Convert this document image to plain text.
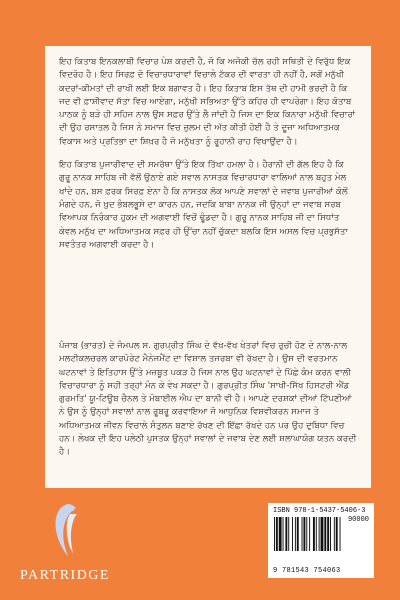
ਇਹ ਕਿਤਾਬ ਇਨਕਲਾਬੀ ਵਿਚਾਰ ਪੇਸ਼ ਕਰਦੀ ਹੈ, ਜੋ ਕਿ ਅਜੋਕੀ ਚੱਲ ਰਹੀ ਸਥਿਤੀ ਦੇ ਵਿਰੁੱਧ ਇਕ ਵਿਦਰੋਹ ਹੈ। ਇਹ ਸਿਰਫ਼ ਦੋ ਵਿਚਾਰਧਾਰਾਵਾਂ ਵਿਚਾਲੇ ਟੱਕਰ ਦੀ ਵਾਰਤਾ ਹੀ ਨਹੀਂ ਹੈ, ਸਗੋਂ ਮਨੁੱਖੀ ਕਦਰਾਂ-ਕੀਮਤਾਂ ਦੀ ਰਾਖੀ ਲਈ ਇਕ ਬਗਾਵਤ ਹੈ। ਇਹ ਕਿਤਾਬ ਇਸ ਤੱਥ ਦੀ ਹਾਮੀ ਭਰਦੀ ਹੈ ਕਿ ਜਦ ਵੀ ਫ਼ਾਸ਼ੀਵਾਦ ਸੱਤਾ ਵਿਚ ਆਏਗਾ, ਮਨੁੱਖੀ ਸਭਿਅਤਾ ਉੱਤੇ ਕਹਿਰ ਹੀ ਵਾਪਰੇਗਾ। ਇਹ ਕੋਤਾਬ ਪਾਠਕ ਨੂੰ ਬੜੇ ਹੀ ਸਹਿਜ ਨਾਲ ਉਸ ਸਫ਼ਰ ਉੱਤੇ ਲੈ ਜਾਂਦੀ ਹੈ ਜਿਸ ਦਾ ਇਕ ਕਿਨਾਰਾ ਮਨੁੱਖੀ ਵਿਚਾਰਾਂ ਦੀ ਉਹ ਰਸਾਤਲ ਹੈ ਜਿਸ ਨੇ ਸਮਾਜ ਵਿਚ ਜ਼ੁਲਮ ਦੀ ਅੱਤ ਕੀਤੀ ਹੋਈ ਹੈ ਤੇ ਦੂਜਾ ਅਧਿਆਤਮਕ ਵਿਕਾਸ ਅਤੇ ਪ੍ਰਤਿਭਾ ਦਾ ਸ਼ਿਖ਼ਰ ਹੈ ਜੋ ਮਨੁੱਖਤਾ ਨੂੰ ਰੂਹਾਨੀ ਰਾਹ ਵਿਖਾਉਂਦਾ ਹੈ।

ਇਹ ਕਿਤਾਬ ਪੁਜਾਰੀਵਾਦ ਦੀ ਸਮਰੱਥਾ ਉੱਤੇ ਇਕ ਤਿੱਖਾ ਹਮਲਾ ਹੈ। ਹੈਰਾਨੀ ਦੀ ਗੱਲ ਇਹ ਹੈ ਕਿ ਗੁਰੂ ਨਾਨਕ ਸਾਹਿਬ ਜੀ ਵੱਲੋਂ ਉਠਾਏ ਗਏ ਸਵਾਲ ਨਾਸਤਕ ਵਿਚਾਰਧਾਰਾ ਵਾਲਿਆਂ ਨਾਲ ਬਹੁਤ ਮੇਲ ਖਾਂਦੇ ਹਨ, ਬਸ ਫ਼ਰਕ ਸਿਰਫ਼ ਏਨਾ ਹੈ ਕਿ ਨਾਸਤਕ ਲੋਕ ਆਪਣੇ ਸਵਾਲਾਂ ਦੇ ਜਵਾਬ ਪੁਜਾਰੀਆਂ ਕੋਲੋਂ ਮੰਗਦੇ ਹਨ, ਜੋ ਖ਼ੁਦ ਭੰਬਲਭੂਸੇ ਦਾ ਕਾਰਨ ਹਨ, ਜਦਕਿ ਬਾਬਾ ਨਾਨਕ ਜੀ ਉਨ੍ਹਾਂ ਦਾ ਜਵਾਬ ਸਰਬ ਵਿਆਪਕ ਨਿਰੰਕਾਰ ਹੁਕਮ ਦੀ ਅਗਵਾਈ ਵਿਚੋਂ ਢੂੰਡਦਾ ਹੈ। ਗੁਰੂ ਨਾਨਕ ਸਾਹਿਬ ਜੀ ਦਾ ਸਿਧਾਂਤ ਕੇਵਲ ਮਨੁੱਖ ਦਾ ਅਧਿਆਤਮਕ ਸਫ਼ਰ ਹੀ ਉੱਚਾ ਨਹੀਂ ਚੁੱਕਦਾ ਬਲਕਿ ਇਸ ਅਸਲ ਵਿਚ ਪ੍ਰਭੁਸੱਤਾ ਸਵਤੰਤਰ ਅਗਵਾਈ ਕਰਦਾ ਹੈ।

ਪੰਜਾਬ (ਭਾਰਤ) ਦੇ ਜੰਮਪਲ ਸ. ਗੁਰਪ੍ਰੀਤ ਸਿੰਘ ਦੇ ਵੱਖ-ਵੱਖ ਖੇਤਰਾਂ ਵਿਚ ਰੁਚੀ ਹੋਣ ਦੇ ਨਾਲ-ਨਾਲ ਮਲਟੀਕਲਚਰਲ ਕਾਰਪੋਰੇਟ ਮੈਨੇਜਮੈਂਟ ਦਾ ਵਿਸ਼ਾਲ ਤਜਰਬਾ ਵੀ ਰੱਖਦਾ ਹੈ। ਉਸ ਦੀ ਵਰਤਮਾਨ ਘਟਨਾਵਾਂ ਤੇ ਇਤਿਹਾਸ ਉੱਤੇ ਮਜ਼ਬੂਤ ਪਕੜ ਹੈ ਜਿਸ ਨਾਲ ਉਹ ਘਟਨਾਵਾਂ ਦੇ ਪਿੱਛੇ ਕੰਮ ਕਰਨ ਵਾਲੀ ਵਿਚਾਰਧਾਰਾ ਨੂੰ ਸਹੀ ਤਰ੍ਹਾਂ ਮੰਨ ਕੇ ਵੇਖ ਸਕਦਾ ਹੈ। ਗੁਰਪ੍ਰੀਤ ਸਿੰਘ 'ਸਾਖੀ-ਸਿੱਖ ਹਿਸਟਰੀ ਐਂਡ ਗੁਰਮਤਿ' ਯੂ-ਟਿਊਬ ਚੈਨਲ ਤੇ ਮੋਬਾਈਲ ਐਪ ਦਾ ਬਾਨੀ ਵੀ ਹੈ। ਆਪਣੇ ਦਰਸ਼ਕਾਂ ਦੀਆਂ ਟਿੱਪਣੀਆਂ ਨੇ ਉਸ ਨੂੰ ਉਨ੍ਹਾਂ ਸਵਾਲਾਂ ਨਾਲ ਰੂਬਰੂ ਕਰਵਾਇਆ ਜੋ ਆਧੁਨਿਕ ਵਿਸ਼ਵੀਕਰਨ ਸਮਾਜ ਤੇ ਅਧਿਆਤਮਕ ਜੀਵਨ ਵਿਚਾਲੇ ਸੰਤੁਲਨ ਬਣਾਏ ਰੱਖਣ ਦੀ ਇੱਛਾ ਰੱਖਦੇ ਹਨ ਪਰ ਉਹ ਦੁਬਿਧਾ ਵਿਚ ਹਨ। ਲੇਖਕ ਦੀ ਇਹ ਪਲੇਠੀ ਪੁਸਤਕ ਉਨ੍ਹਾਂ ਸਵਾਲਾਂ ਦੇ ਜਵਾਬ ਦੇਣ ਲਈ ਸ਼ਲਾਘਾਯੋਗ ਯਤਨ ਕਰਦੀ ਹੈ।

PARTRIDGE
ISBN 978-1-5437-5406-3
90000
9 781543 754063
